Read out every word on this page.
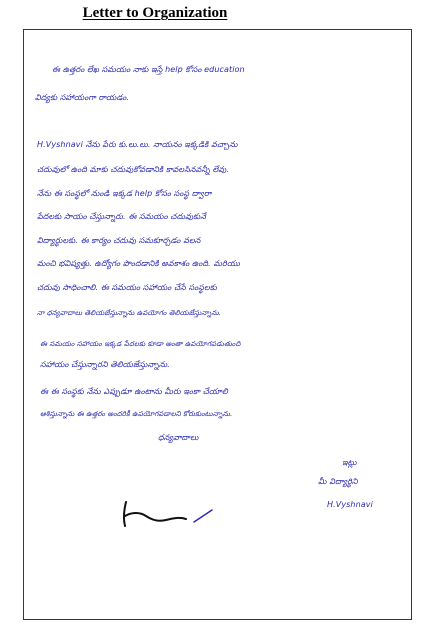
Letter to Organization
ఈ ఉత్తరం లేఖ సమయం నాకు ఇస్తే help కోసం education
విద్యకు సహాయంగా రాయడం.
H.Vyshnavi నేను పేరు కు.లు.లు. నాయనం ఇక్కడికి వచ్చాను
చదువులో ఉంది మాకు చదువుకోవడానికి కావలసినవన్నీ లేవు.
నేను ఈ సంస్థలో నుండి ఇక్కడ help కోసం సంస్థ ద్వారా
పేదలకు సాయం చేస్తున్నారు. ఈ సమయం చదువుకునే
విద్యార్థులకు. ఈ కార్యం చదువు సమకూర్చడం వలన
మంచి భవిష్యత్తు. ఉద్యోగం పొందడానికి అవకాశం ఉంది. మరియు
చదువు సాధించాలి. ఈ సమయం సహాయం చేసే సంస్థలకు
నా ధన్యవాదాలు తెలియజేస్తున్నాను ఉపయోగం తెలియజేస్తున్నాను.
ఈ సమయం సహాయం ఇక్కడ పేదలకు కూడా అంతా ఉపయోగపడుతుంది
సహాయం చేస్తున్నారని తెలియజేస్తున్నాను.
ఈ ఈ సంస్థకు నేను ఎప్పుడూ ఉంటాను మీరు ఇంకా చేయాలి
ఆశిస్తున్నాను ఈ ఉత్తరం అందరికీ ఉపయోగపడాలని కోరుకుంటున్నాను.
ధన్యవాదాలు
ఇట్లు
మీ విద్యార్థిని
H.Vyshnavi
